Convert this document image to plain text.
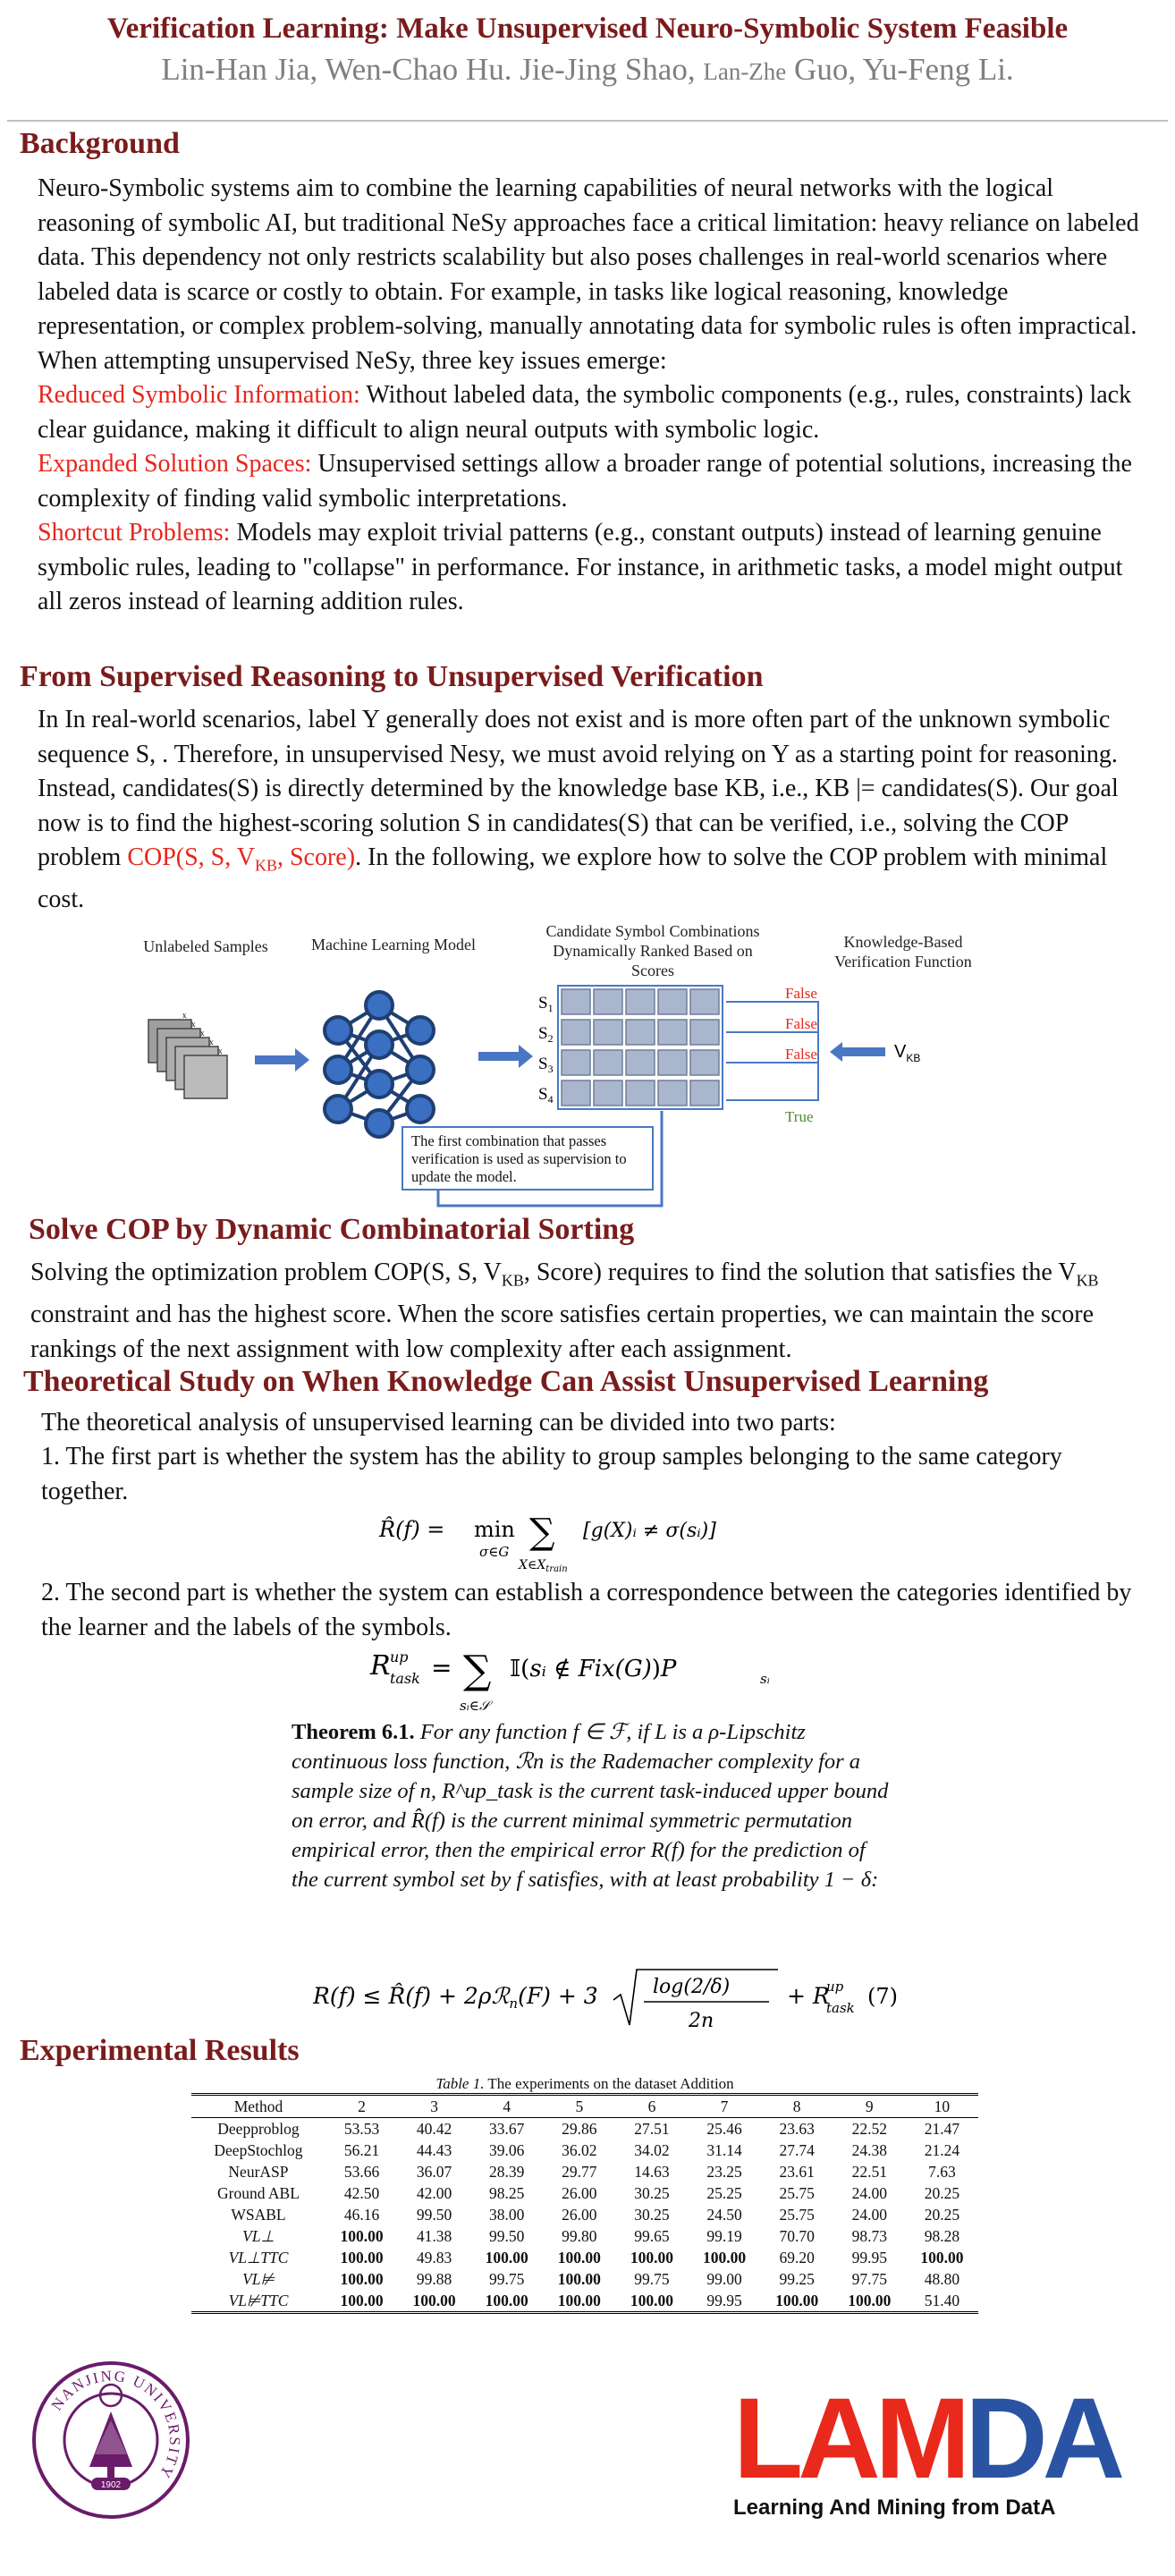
Verification Learning: Make Unsupervised Neuro-Symbolic System Feasible
Lin-Han Jia, Wen-Chao Hu. Jie-Jing Shao, Lan-Zhe Guo, Yu-Feng Li.
Background
Neuro-Symbolic systems aim to combine the learning capabilities of neural networks with the logical reasoning of symbolic AI, but traditional NeSy approaches face a critical limitation: heavy reliance on labeled data. This dependency not only restricts scalability but also poses challenges in real-world scenarios where labeled data is scarce or costly to obtain. For example, in tasks like logical reasoning, knowledge representation, or complex problem-solving, manually annotating data for symbolic rules is often impractical.
When attempting unsupervised NeSy, three key issues emerge:
Reduced Symbolic Information: Without labeled data, the symbolic components (e.g., rules, constraints) lack clear guidance, making it difficult to align neural outputs with symbolic logic.
Expanded Solution Spaces: Unsupervised settings allow a broader range of potential solutions, increasing the complexity of finding valid symbolic interpretations.
Shortcut Problems: Models may exploit trivial patterns (e.g., constant outputs) instead of learning genuine symbolic rules, leading to "collapse" in performance. For instance, in arithmetic tasks, a model might output all zeros instead of learning addition rules.
From Supervised Reasoning to Unsupervised Verification
In In real-world scenarios, label Y generally does not exist and is more often part of the unknown symbolic sequence S, . Therefore, in unsupervised Nesy, we must avoid relying on Y as a starting point for reasoning. Instead, candidates(S) is directly determined by the knowledge base KB, i.e., KB |= candidates(S). Our goal now is to find the highest-scoring solution S in candidates(S) that can be verified, i.e., solving the COP problem COP(S, S, $V_{KB}$, Score). In the following, we explore how to solve the COP problem with minimal cost.
Unlabeled Samples	Machine Learning Model
Candidate Symbol Combinations Dynamically Ranked Based on Scores
Knowledge-Based Verification Function
x
x
x
x
x
$S_1$
$S_2$
$S_3$
$S_4$
False
False
False
True
$V_{KB}$
The first combination that passes verification is used as supervision to update the model.
Solve COP by Dynamic Combinatorial Sorting
Solving the optimization problem COP(S, S, $V_{KB}$, Score) requires to find the solution that satisfies the $V_{KB}$ constraint and has the highest score. When the score satisfies certain properties, we can maintain the score rankings of the next assignment with low complexity after each assignment.
Theoretical Study on When Knowledge Can Assist Unsupervised Learning
The theoretical analysis of unsupervised learning can be divided into two parts:
1. The first part is whether the system has the ability to group samples belonging to the same category together.
R̂(f) = min
σ∈G ∑
$X\in X_{train}$
[g(X)ᵢ ≠ σ(sᵢ)]
2. The second part is whether the system can establish a correspondence between the categories identified by the learner and the labels of the symbols.
R up
task = ∑
sᵢ∈𝒮
𝕀(sᵢ ∉ Fix(G))P	sᵢ
Theorem 6.1. For any function f ∈ ℱ, if L is a ρ-Lipschitz continuous loss function, ℛn is the Rademacher complexity for a sample size of n, R^up_task is the current task-induced upper bound on error, and R̂(f) is the current minimal symmetric permutation empirical error, then the empirical error R(f) for the prediction of the current symbol set by f satisfies, with at least probability 1 − δ:
R(f) ≤ R̂(f) + 2ρℛ$_n$(F) + 3	log(2/δ)
2n
+ R
up
task (7)
Experimental Results
Table 1. The experiments on the dataset Addition
Method	2	3	4	5	6	7	8	9	10
Deepproblog	53.53	40.42	33.67	29.86	27.51	25.46	23.63	22.52	21.47
DeepStochlog	56.21	44.43	39.06	36.02	34.02	31.14	27.74	24.38	21.24
NeurASP	53.66	36.07	28.39	29.77	14.63	23.25	23.61	22.51	7.63
Ground ABL	42.50	42.00	98.25	26.00	30.25	25.25	25.75	24.00	20.25
WSABL	46.16	99.50	38.00	26.00	30.25	24.50	25.75	24.00	20.25
VL⊥	100.00	41.38	99.50	99.80	99.65	99.19	70.70	98.73	98.28
VL⊥TTC	100.00	49.83	100.00	100.00	100.00	100.00	69.20	99.95	100.00
VL⊭	100.00	99.88	99.75	100.00	99.75	99.00	99.25	97.75	48.80
VL⊭TTC	100.00	100.00	100.00	100.00	100.00	99.95	100.00	100.00	51.40
NANJING UNIVERSITY
1902	LAMDA
Learning And Mining from DatA
